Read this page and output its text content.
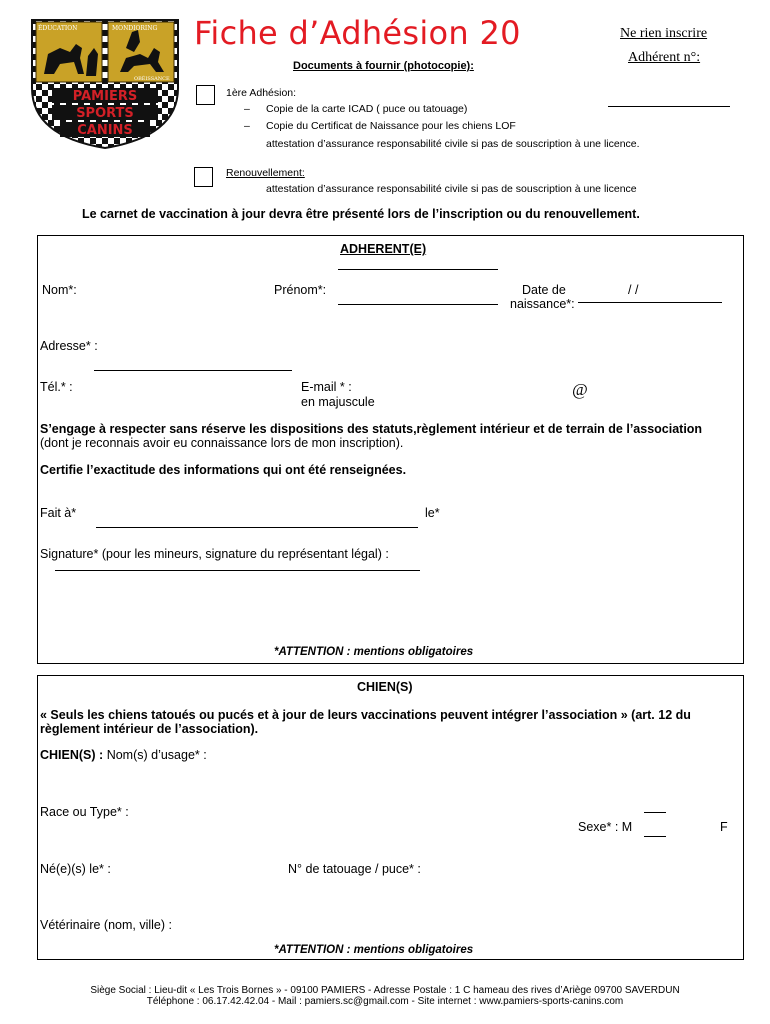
ÉDUCATION	MONDIORING
OBÉISSANCE
PAMIERS
SPORTS
CANINS
Fiche d’Adhésion 20	Ne rien inscrire
Adhérent n°:
Documents à fournir (photocopie):
1ère Adhésion:
– Copie de la carte ICAD ( puce ou tatouage)
– Copie du Certificat de Naissance pour les chiens LOF
attestation d’assurance responsabilité civile si pas de souscription à une licence.
Renouvellement:
attestation d’assurance responsabilité civile si pas de souscription à une licence
Le carnet de vaccination à jour devra être présenté lors de l’inscription ou du renouvellement.
ADHERENT(E)
Nom*:	Prénom*:	Date de
naissance*:
/ /
Adresse* :
Tél.* :	E-mail * :
en majuscule
@
S’engage à respecter sans réserve les dispositions des statuts,règlement intérieur et de terrain de l’association
(dont je reconnais avoir eu connaissance lors de mon inscription).
Certifie l’exactitude des informations qui ont été renseignées.
Fait à*	le*
Signature* (pour les mineurs, signature du représentant légal) :
*ATTENTION : mentions obligatoires
CHIEN(S)
« Seuls les chiens tatoués ou pucés et à jour de leurs vaccinations peuvent intégrer l’association » (art. 12 du
règlement intérieur de l’association).
CHIEN(S) : Nom(s) d’usage* :
Race ou Type* :
Sexe* : M	F
Né(e)(s) le* :	N° de tatouage / puce* :
Vétérinaire (nom, ville) :
*ATTENTION : mentions obligatoires
Siège Social : Lieu-dit « Les Trois Bornes » - 09100 PAMIERS - Adresse Postale : 1 C hameau des rives d’Ariège 09700 SAVERDUN
Téléphone : 06.17.42.42.04 - Mail : pamiers.sc@gmail.com - Site internet : www.pamiers-sports-canins.com
